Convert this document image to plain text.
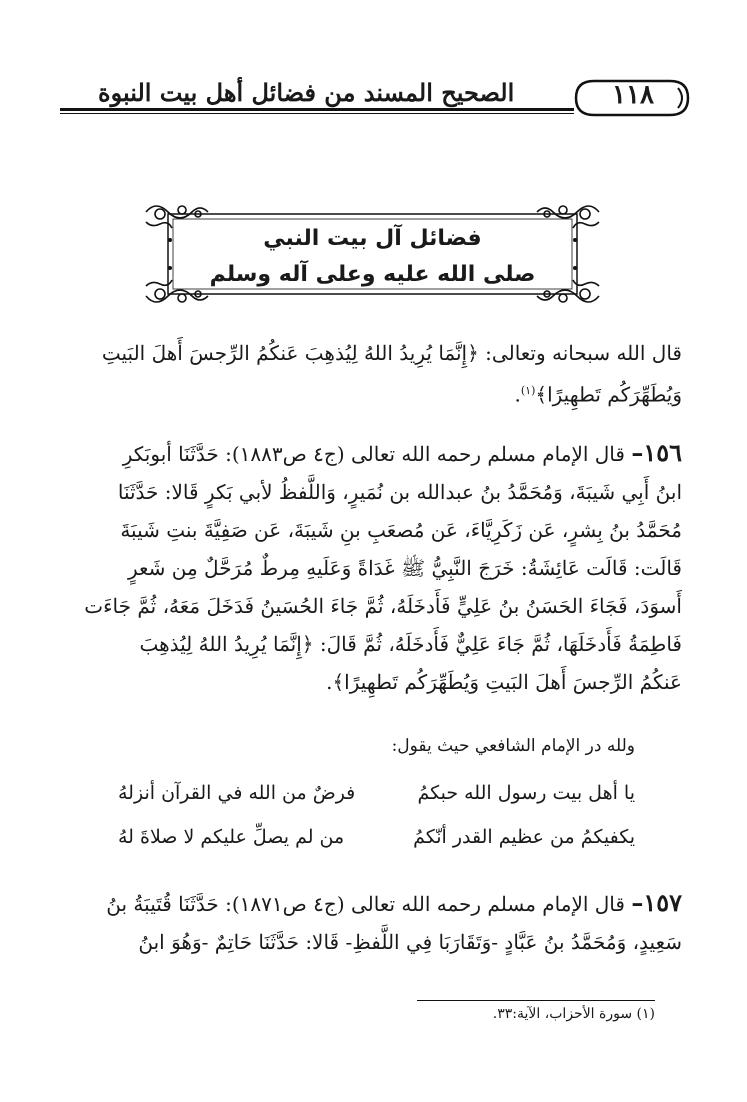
الصحيح المسند من فضائل أهل بيت النبوة	١١٨
فضائل آل بيت النبي
صلى الله عليه وعلى آله وسلم
قال الله سبحانه وتعالى: ﴿إِنَّمَا يُرِيدُ اللهُ لِيُذهِبَ عَنكُمُ الرِّجسَ أَهلَ البَيتِ
وَيُطَهِّرَكُم تَطهِيرًا﴾$^{(١)}$.
١٥٦– قال الإمام مسلم رحمه الله تعالى (ج٤ ص١٨٨٣): حَدَّثَنَا أبوبَكرِ
ابنُ أَبِي شَيبَةَ، وَمُحَمَّدُ بنُ عبدالله بن نُمَيرٍ، وَاللَّفظُ لأبي بَكرٍ قَالا: حَدَّثَنَا
مُحَمَّدُ بنُ بِشرٍ، عَن زَكَرِيَّاءَ، عَن مُصعَبِ بنِ شَيبَةَ، عَن صَفِيَّةَ بنتِ شَيبَةَ
قَالَت: قَالَت عَائِشَةُ: خَرَجَ النَّبِيُّ ﷺ غَدَاةً وَعَلَيهِ مِرطٌ مُرَحَّلٌ مِن شَعرٍ
أَسوَدَ، فَجَاءَ الحَسَنُ بنُ عَلِيٍّ فَأَدخَلَهُ، ثُمَّ جَاءَ الحُسَينُ فَدَخَلَ مَعَهُ، ثُمَّ جَاءَت
فَاطِمَةُ فَأَدخَلَهَا، ثُمَّ جَاءَ عَلِيٌّ فَأَدخَلَهُ، ثُمَّ قَالَ: ﴿إِنَّمَا يُرِيدُ اللهُ لِيُذهِبَ
عَنكُمُ الرِّجسَ أَهلَ البَيتِ وَيُطَهِّرَكُم تَطهِيرًا﴾.
ولله در الإمام الشافعي حيث يقول:
يا أهل بيت رسول الله حبكمُ
فرضٌ من الله في القرآن أنزلهُ
يكفيكمُ من عظيم القدر أنّكمُ
من لم يصلِّ عليكم لا صلاةَ لهُ
١٥٧– قال الإمام مسلم رحمه الله تعالى (ج٤ ص١٨٧١): حَدَّثَنَا قُتَيبَةُ بنُ
سَعِيدٍ، وَمُحَمَّدُ بنُ عَبَّادٍ -وَتَقَارَبَا فِي اللَّفظِ- قَالا: حَدَّثَنَا حَاتِمٌ -وَهُوَ ابنُ
(١) سورة الأحزاب، الآية:٣٣.
